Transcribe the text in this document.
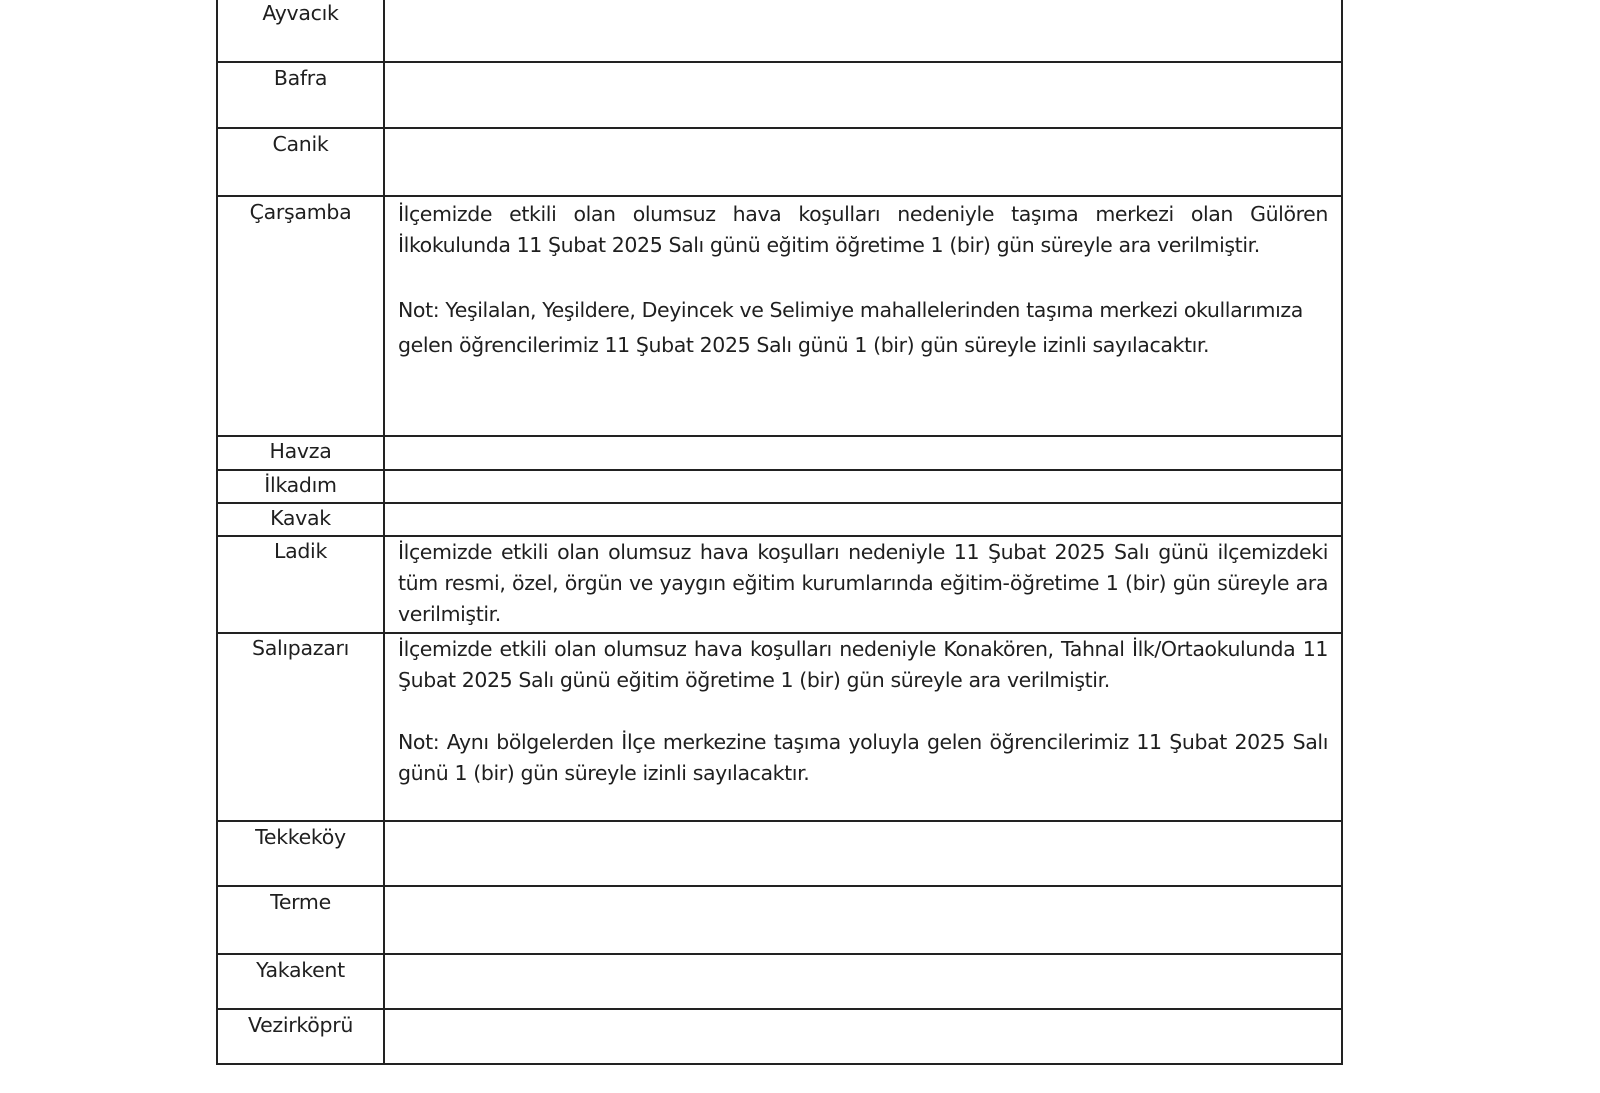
Ayvacık	
Bafra	
Canik	
Çarşamba	İlçemizde etkili olan olumsuz hava koşulları nedeniyle taşıma merkezi olan Gülören İlkokulunda 11 Şubat 2025 Salı günü eğitim öğretime 1 (bir) gün süreyle ara verilmiştir.

Not: Yeşilalan, Yeşildere, Deyincek ve Selimiye mahallelerinden taşıma merkezi okullarımıza gelen öğrencilerimiz 11 Şubat 2025 Salı günü 1 (bir) gün süreyle izinli sayılacaktır.

Havza	
İlkadım	
Kavak	
Ladik	İlçemizde etkili olan olumsuz hava koşulları nedeniyle 11 Şubat 2025 Salı günü ilçemizdeki tüm resmi, özel, örgün ve yaygın eğitim kurumlarında eğitim-öğretime 1 (bir) gün süreyle ara verilmiştir.

Salıpazarı	İlçemizde etkili olan olumsuz hava koşulları nedeniyle Konakören, Tahnal İlk/Ortaokulunda 11 Şubat 2025 Salı günü eğitim öğretime 1 (bir) gün süreyle ara verilmiştir.

Not: Aynı bölgelerden İlçe merkezine taşıma yoluyla gelen öğrencilerimiz 11 Şubat 2025 Salı günü 1 (bir) gün süreyle izinli sayılacaktır.

Tekkeköy	
Terme	
Yakakent	
Vezirköprü	
